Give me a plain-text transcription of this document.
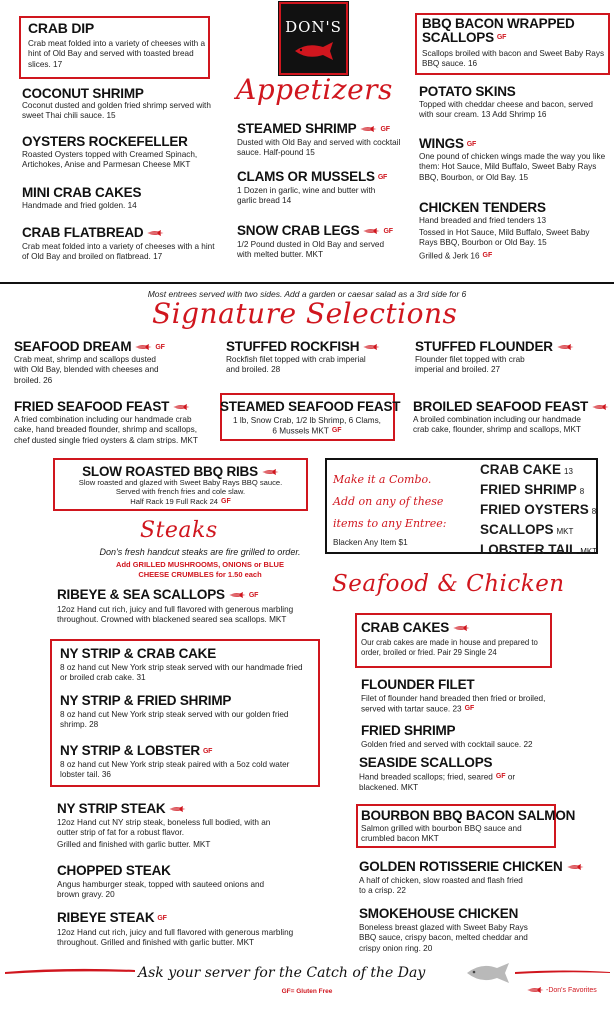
DON'S
Appetizers
CRAB DIP
Crab meat folded into a variety of cheeses with a hint of Old Bay and served with toasted bread slices. 17
COCONUT SHRIMP
Coconut dusted and golden fried shrimp served with sweet Thai chili sauce. 15
OYSTERS ROCKEFELLER
Roasted Oysters topped with Creamed Spinach, Artichokes, Anise and Parmesan Cheese MKT
MINI CRAB CAKES
Handmade and fried golden. 14
CRAB FLATBREAD
Crab meat folded into a variety of cheeses with a hint of Old Bay and broiled on flatbread. 17
STEAMED SHRIMP	GF
Dusted with Old Bay and served with cocktail sauce. Half-pound 15
CLAMS OR MUSSELS GF
1 Dozen in garlic, wine and butter with garlic bread 14
SNOW CRAB LEGS	GF
1/2 Pound dusted in Old Bay and served with melted butter. MKT
BBQ BACON WRAPPED SCALLOPS GF
Scallops broiled with bacon and Sweet Baby Rays BBQ sauce. 16
POTATO SKINS
Topped with cheddar cheese and bacon, served with sour cream. 13 Add Shrimp 16
WINGS GF
One pound of chicken wings made the way you like them: Hot Sauce, Mild Buffalo, Sweet Baby Rays BBQ, Bourbon, or Old Bay. 15
CHICKEN TENDERS
Hand breaded and fried tenders 13
Tossed in Hot Sauce, Mild Buffalo, Sweet Baby Rays BBQ, Bourbon or Old Bay. 15
Grilled & Jerk 16 GF
Most entrees served with two sides. Add a garden or caesar salad as a 3rd side for 6
Signature Selections
SEAFOOD DREAM	GF
Crab meat, shrimp and scallops dusted with Old Bay, blended with cheeses and broiled. 26
STUFFED ROCKFISH
Rockfish filet topped with crab imperial and broiled. 28
STUFFED FLOUNDER
Flounder filet topped with crab imperial and broiled. 27
FRIED SEAFOOD FEAST
A fried combination including our handmade crab cake, hand breaded flounder, shrimp and scallops, chef dusted single fried oysters & clam strips. MKT
STEAMED SEAFOOD FEAST
1 lb, Snow Crab, 1/2 lb Shrimp, 6 Clams, 6 Mussels MKT GF
BROILED SEAFOOD FEAST
A broiled combination including our handmade crab cake, flounder, shrimp and scallops, MKT
SLOW ROASTED BBQ RIBS
Slow roasted and glazed with Sweet Baby Rays BBQ sauce. Served with french fries and cole slaw.
Half Rack 19 Full Rack 24 GF
Make it a Combo.
Add on any of these
items to any Entree:
Blacken Any Item $1
CRAB CAKE 13
FRIED SHRIMP 8
FRIED OYSTERS 8
SCALLOPS MKT
LOBSTER TAIL MKT
Steaks
Don's fresh handcut steaks are fire grilled to order.
Add GRILLED MUSHROOMS, ONIONS or BLUE
CHEESE CRUMBLES for 1.50 each
RIBEYE & SEA SCALLOPS	GF
12oz Hand cut rich, juicy and full flavored with generous marbling throughout. Crowned with blackened seared sea scallops. MKT
NY STRIP & CRAB CAKE
8 oz hand cut New York strip steak served with our handmade fried or broiled crab cake. 31
NY STRIP & FRIED SHRIMP
8 oz hand cut New York strip steak served with our golden fried shrimp. 28
NY STRIP & LOBSTER GF
8 oz hand cut New York strip steak paired with a 5oz cold water lobster tail. 36
NY STRIP STEAK
12oz Hand cut NY strip steak, boneless full bodied, with an outter strip of fat for a robust flavor.
Grilled and finished with garlic butter. MKT
CHOPPED STEAK
Angus hamburger steak, topped with sauteed onions and brown gravy. 20
RIBEYE STEAK GF
12oz Hand cut rich, juicy and full flavored with generous marbling throughout. Grilled and finished with garlic butter. MKT
Seafood & Chicken
CRAB CAKES
Our crab cakes are made in house and prepared to order, broiled or fried. Pair 29 Single 24
FLOUNDER FILET
Filet of flounder hand breaded then fried or broiled, served with tartar sauce. 23 GF
FRIED SHRIMP
Golden fried and served with cocktail sauce. 22
SEASIDE SCALLOPS
Hand breaded scallops; fried, seared GF or
blackened. MKT
BOURBON BBQ BACON SALMON
Salmon grilled with bourbon BBQ sauce and crumbled bacon MKT
GOLDEN ROTISSERIE CHICKEN
A half of chicken, slow roasted and flash fried to a crisp. 22
SMOKEHOUSE CHICKEN
Boneless breast glazed with Sweet Baby Rays BBQ sauce, crispy bacon, melted cheddar and crispy onion ring. 20
Ask your server for the Catch of the Day
GF= Gluten Free	-Don's Favorites
